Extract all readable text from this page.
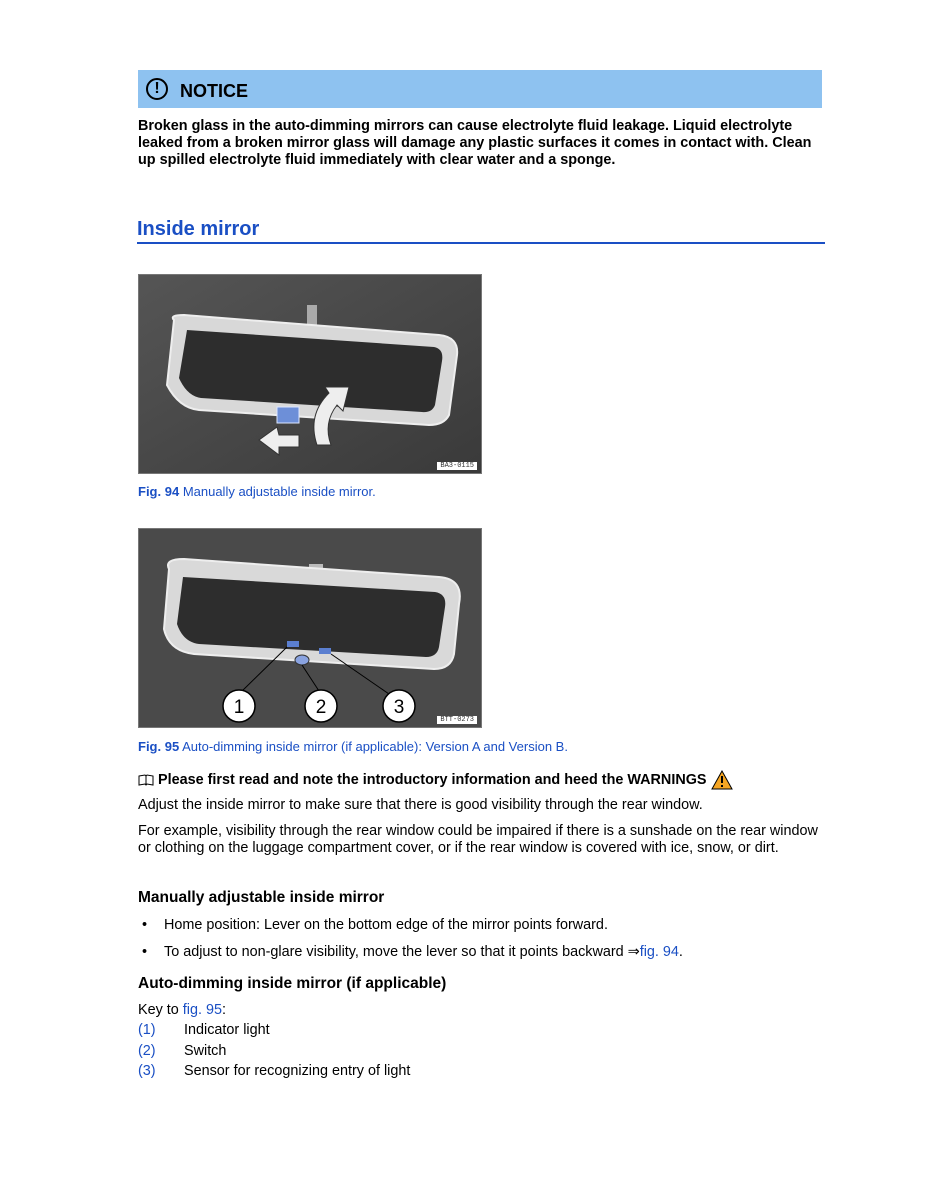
!	NOTICE
Broken glass in the auto-dimming mirrors can cause electrolyte fluid leakage. Liquid electrolyte leaked from a broken mirror glass will damage any plastic surfaces it comes in contact with. Clean up spilled electrolyte fluid immediately with clear water and a sponge.
Inside mirror
BA3-0115
Fig. 94 Manually adjustable inside mirror.
1	2	3
BTT-0273
Fig. 95 Auto-dimming inside mirror (if applicable): Version A and Version B.
Please first read and note the introductory information and heed the WARNINGS
Adjust the inside mirror to make sure that there is good visibility through the rear window.
For example, visibility through the rear window could be impaired if there is a sunshade on the rear window or clothing on the luggage compartment cover, or if the rear window is covered with ice, snow, or dirt.
Manually adjustable inside mirror
•	Home position: Lever on the bottom edge of the mirror points forward.
•	To adjust to non-glare visibility, move the lever so that it points backward ⇒fig. 94.
Auto-dimming inside mirror (if applicable)
Key to fig. 95 :
(1)	Indicator light
(2)	Switch
(3)	Sensor for recognizing entry of light
